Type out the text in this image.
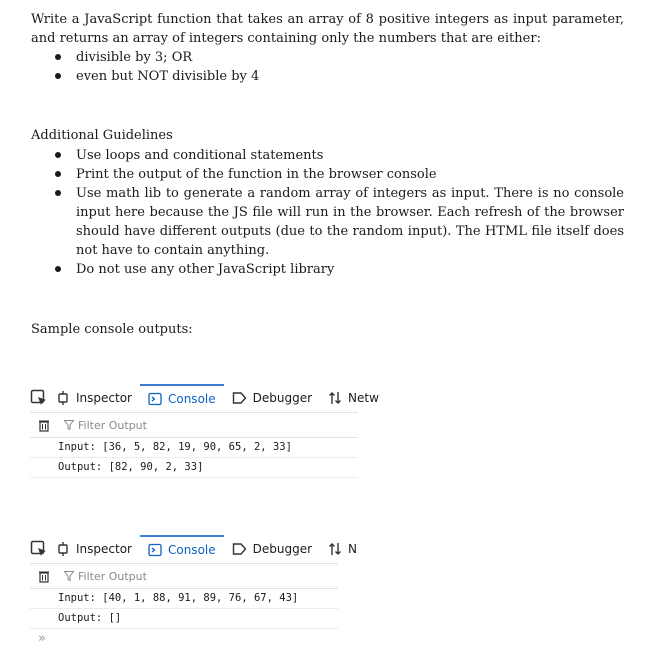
Write a JavaScript function that takes an array of 8 positive integers as input parameter, and returns an array of integers containing only the numbers that are either:

divisible by 3; OR
even but NOT divisible by 4

Additional Guidelines

Use loops and conditional statements
Print the output of the function in the browser console
Use math lib to generate a random array of integers as input. There is no console input here because the JS file will run in the browser. Each refresh of the browser should have different outputs (due to the random input). The HTML file itself does not have to contain anything.
Do not use any other JavaScript library

Sample console outputs:

Inspector	Console	Debugger	Netw
Filter Output
Input: [36, 5, 82, 19, 90, 65, 2, 33]
Output: [82, 90, 2, 33]
Inspector	Console	Debugger	N
Filter Output
Input: [40, 1, 88, 91, 89, 76, 67, 43]
Output: []
»
